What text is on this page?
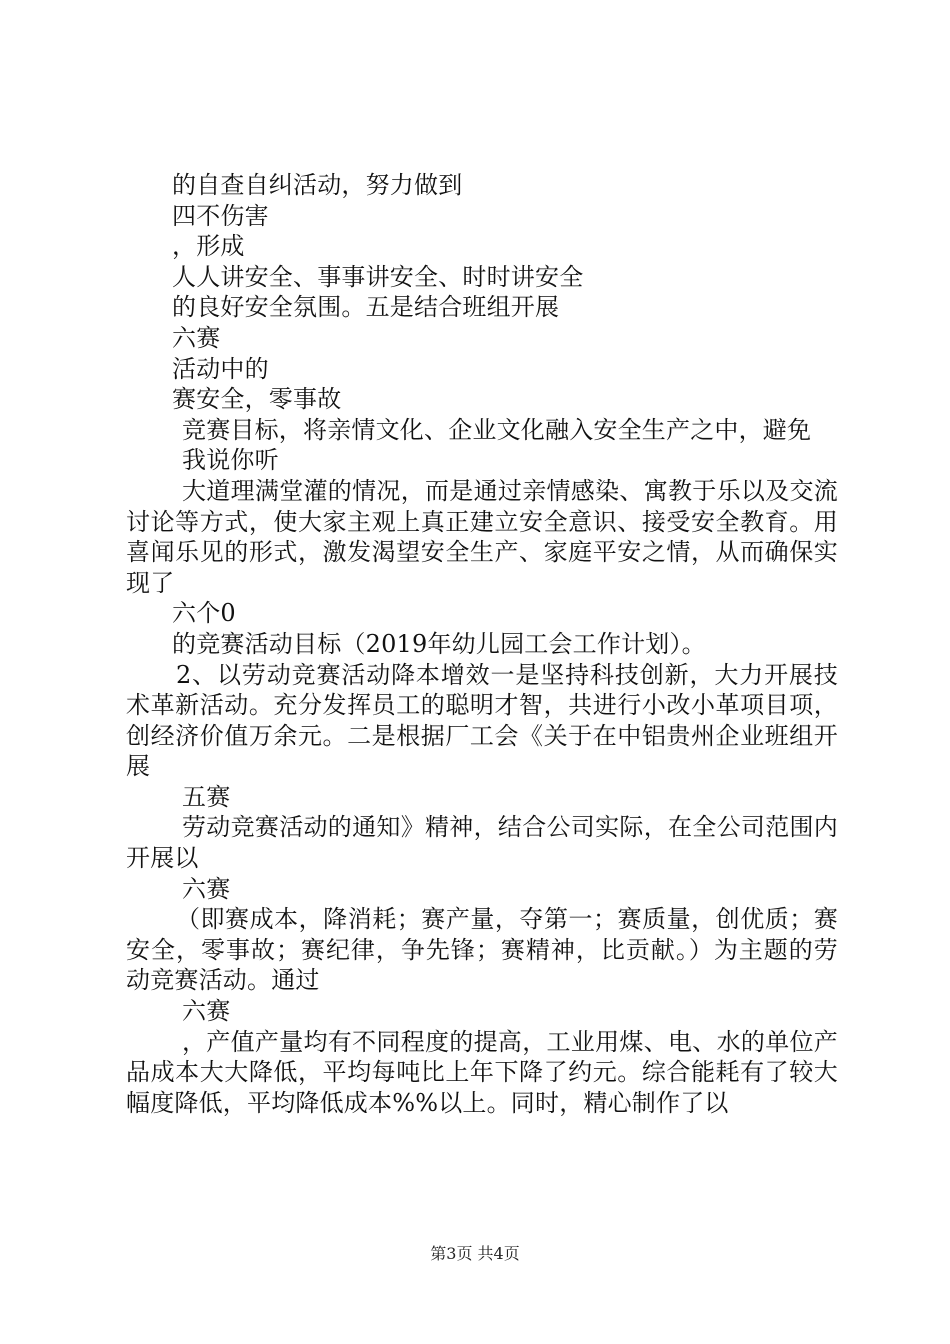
的自查自纠活动，努力做到

四不伤害

，形成

人人讲安全、事事讲安全、时时讲安全

的良好安全氛围。五是结合班组开展

六赛

活动中的

赛安全，零事故

竞赛目标，将亲情文化、企业文化融入安全生产之中，避免

我说你听

大道理满堂灌的情况，而是通过亲情感染、寓教于乐以及交流讨论等方式，使大家主观上真正建立安全意识、接受安全教育。用喜闻乐见的形式，激发渴望安全生产、家庭平安之情，从而确保实现了

六个0

的竞赛活动目标（2019年幼儿园工会工作计划）。

2、以劳动竞赛活动降本增效一是坚持科技创新，大力开展技术革新活动。充分发挥员工的聪明才智，共进行小改小革项目项，创经济价值万余元。二是根据厂工会《关于在中铝贵州企业班组开展

五赛

劳动竞赛活动的通知》精神，结合公司实际，在全公司范围内开展以

六赛

（即赛成本，降消耗；赛产量，夺第一；赛质量，创优质；赛安全，零事故；赛纪律，争先锋；赛精神，比贡献。）为主题的劳动竞赛活动。通过

六赛

，产值产量均有不同程度的提高，工业用煤、电、水的单位产品成本大大降低，平均每吨比上年下降了约元。综合能耗有了较大幅度降低，平均降低成本%%以上。同时，精心制作了以

第3页 共4页
